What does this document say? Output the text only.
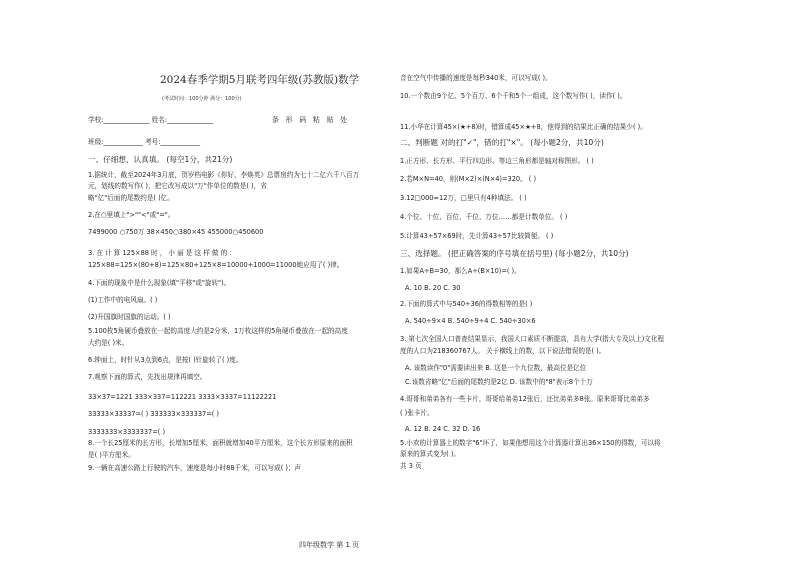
2024春季学期5月联考四年级(苏教版)数学
(考试时间：100分钟 满分：100分)
学校:______________ 姓名:______________	条 形 码 粘 贴 处
班级:____________ 考号:____________
一、仔细想，认真填。 (每空1分，共21分)
1.据统计，截至2024年3月底，贺岁档电影《你好，李焕英》总票房约为七十二亿六千八百万
元，划线的数写作( )，把它改写成以"万"作单位的数是( )，省
略"亿"后面的尾数约是( )亿。
2.在○里填上">""<"或"="。
7499000 ○750万 38×450○380×45 455000○450600
3. 在 计 算 125×88 时 ， 小 丽 是 这 样 做 的 ：
125×88=125×(80+8)=125×80+125×8=10000+1000=11000她应用了( )律。
4.下面的现象中是什么现象(填"平移"或"旋转")。
(1)工作中的电风扇。( )
(2)升国旗时国旗的运动。( )
5.100枚5角硬币叠放在一起的高度大约是2分米，1万枚这样的5角硬币叠放在一起的高度
大约是( )米。
6.钟面上，时针从3点到6点，是按( )针旋转了( )度。
7.观察下面的算式，先找出规律再填空。
33×37=1221 333×337=112221 3333×3337=11122221
33333×33337=( ) 333333×333337=( )
3333333×3333337=( )
8.一个长25厘米的长方形，长增加5厘米，面积就增加40平方厘米，这个长方形原来的面积
是( )平方厘米。
9.一辆在高速公路上行驶的汽车，速度是每小时88千米，可以写成( )；声
音在空气中传播的速度是每秒340米，可以写成( )。
10.一个数由9个亿、5个百万、6个千和5个一组成，这个数写作( )，读作( )。
11.小华在计算45×(★+8)时，错算成45×★+8，他得到的结果比正确的结果少( )。
二、判断题 对的打"✓"，错的打"×"。 (每小题2分，共10分)
1.正方形、长方形、平行四边形、等边三角形都是轴对称图形。 ( )
2.若M×N=40，则(M×2)×(N×4)=320。 ( )
3.12□000≈12万，□里只有4种填法。 ( )
4.个位、十位、百位、千位、万位……都是计数单位。 ( )
5.计算43÷57×69时，先计算43÷57比较简便。 ( )
三、选择题。 (把正确答案的序号填在括号里) (每小题2分，共10分)
1.如果A÷B=30，那么A÷(B×10)=( )。
A. 10 B. 20 C. 30
2.下面的算式中与540÷36的得数相等的是( )
A. 540÷9×4 B. 540÷9÷4 C. 540÷30×6
3. 第七次全国人口普查结果显示，我国人口素质不断提高，具有大学(指大专及以上)文化程
度的人口为218360767人。 关于横线上的数，以下说法错误的是( )。
A. 该数读作"0"需要读出来 B. 这是一个九位数，最高位是亿位
C.该数省略"亿"后面的尾数约是2亿 D. 该数中的"8"表示8个十万
4.哥哥和弟弟各有一些卡片，哥哥给弟弟12张后，还比弟弟多8张。原来哥哥比弟弟多
( )张卡片。
A. 12 B. 24 C. 32 D. 16
5.小欢的计算器上的数字"6"坏了，如果他想用这个计算器计算出36×150的得数，可以将
原来的算式变为( )。
共 3 页
四年级数学 第 1 页
